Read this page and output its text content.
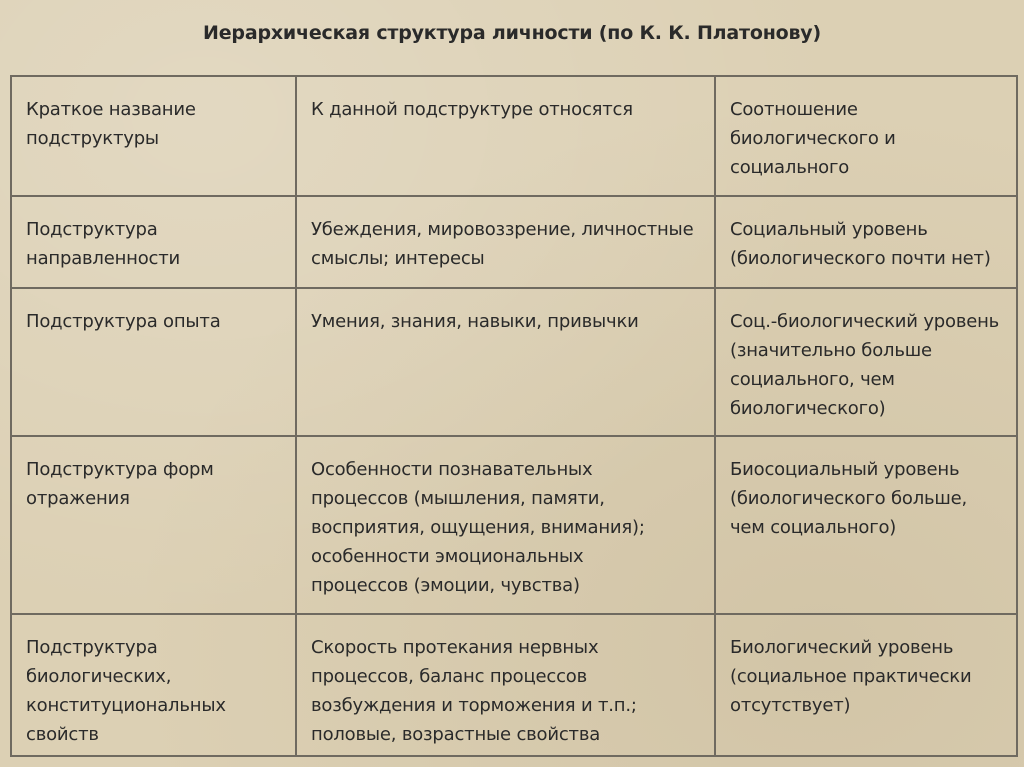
Иерархическая структура личности (по К. К. Платонову)
Краткое название подструктуры	К данной подструктуре относятся	Соотношение биологического и социального
Подструктура направленности	Убеждения, мировоззрение, личностные смыслы; интересы	Социальный уровень (биологического почти нет)
Подструктура опыта	Умения, знания, навыки, привычки	Соц.-биологический уровень (значительно больше социального, чем биологического)
Подструктура форм отражения	Особенности познавательных процессов (мышления, памяти, восприятия, ощущения, внимания); особенности эмоциональных процессов (эмоции, чувства)	Биосоциальный уровень (биологического больше, чем социального)
Подструктура биологических, конституциональных свойств	Скорость протекания нервных процессов, баланс процессов возбуждения и торможения и т.п.; половые, возрастные свойства	Биологический уровень (социальное практически отсутствует)
